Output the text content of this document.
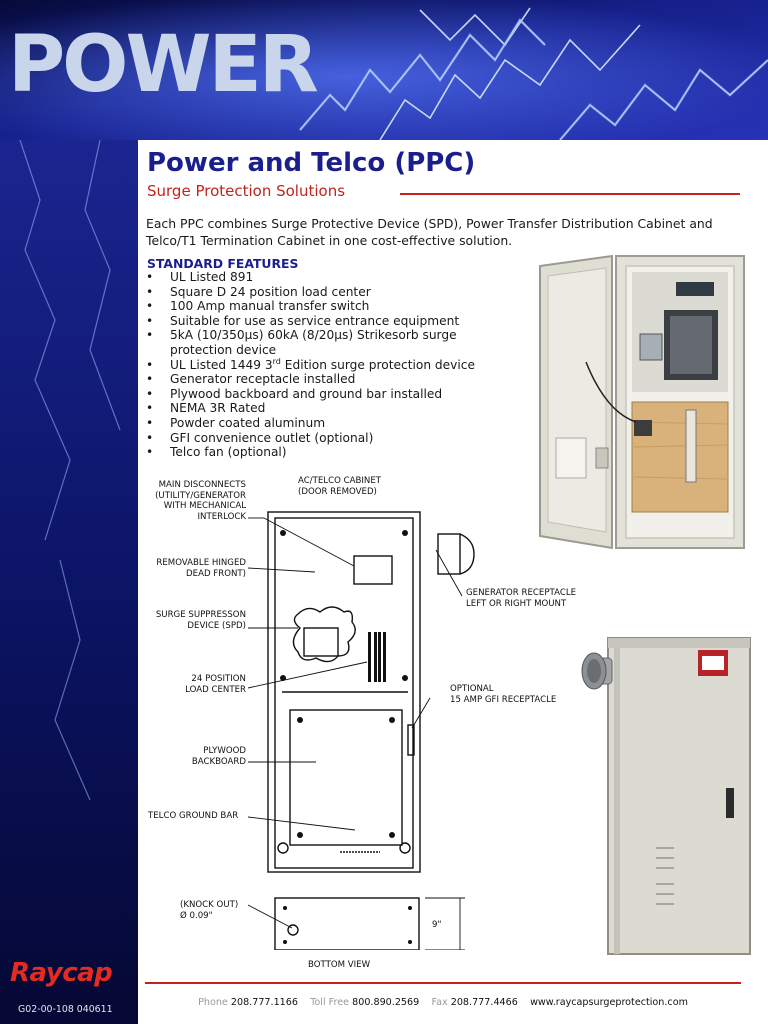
POWER
Power and Telco (PPC)
Surge Protection Solutions
Each PPC combines Surge Protective Device (SPD), Power Transfer Distribution Cabinet and Telco/T1 Termination Cabinet in one cost-effective solution.
STANDARD FEATURES
• UL Listed 891
• Square D 24 position load center
• 100 Amp manual transfer switch
• Suitable for use as service entrance equipment
• 5kA (10/350μs) 60kA (8/20μs) Strikesorb surge
protection device
• UL Listed 1449 3rd Edition surge protection device
• Generator receptacle installed
• Plywood backboard and ground bar installed
• NEMA 3R Rated
• Powder coated aluminum
• GFI convenience outlet (optional)
• Telco fan (optional)
MAIN DISCONNECTS
(UTILITY/GENERATOR
WITH MECHANICAL
INTERLOCK
AC/TELCO CABINET
(DOOR REMOVED)
REMOVABLE HINGED
DEAD FRONT)
SURGE SUPPRESSON
DEVICE (SPD)
24 POSITION
LOAD CENTER
PLYWOOD
BACKBOARD
TELCO GROUND BAR
GENERATOR RECEPTACLE
LEFT OR RIGHT MOUNT
OPTIONAL
15 AMP GFI RECEPTACLE
(KNOCK OUT)
Ø 0.09"
9"
BOTTOM VIEW
Phone 208.777.1166 Toll Free 800.890.2569 Fax 208.777.4466 www.raycapsurgeprotection.com
Raycap
G02-00-108 040611
